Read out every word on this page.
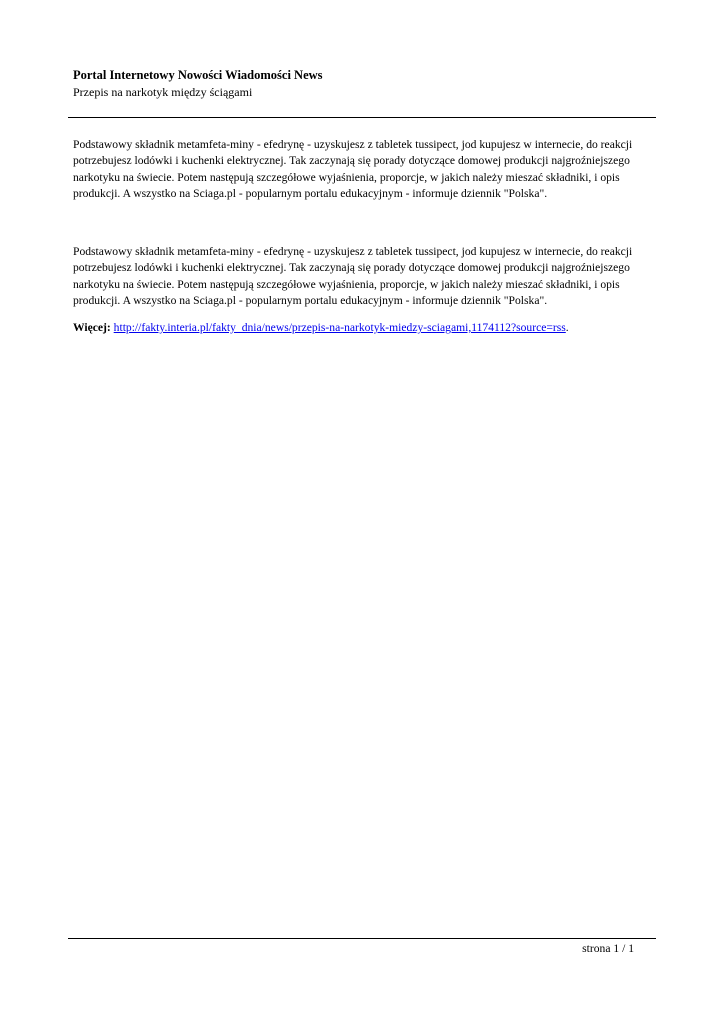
Portal Internetowy Nowości Wiadomości News

Przepis na narkotyk między ściągami

Podstawowy składnik metamfeta-miny - efedrynę - uzyskujesz z tabletek tussipect, jod kupujesz w internecie, do reakcji potrzebujesz lodówki i kuchenki elektrycznej. Tak zaczynają się porady dotyczące domowej produkcji najgroźniejszego narkotyku na świecie. Potem następują szczegółowe wyjaśnienia, proporcje, w jakich należy mieszać składniki, i opis produkcji. A wszystko na Sciaga.pl - popularnym portalu edukacyjnym - informuje dziennik "Polska".

Podstawowy składnik metamfeta-miny - efedrynę - uzyskujesz z tabletek tussipect, jod kupujesz w internecie, do reakcji potrzebujesz lodówki i kuchenki elektrycznej. Tak zaczynają się porady dotyczące domowej produkcji najgroźniejszego narkotyku na świecie. Potem następują szczegółowe wyjaśnienia, proporcje, w jakich należy mieszać składniki, i opis produkcji. A wszystko na Sciaga.pl - popularnym portalu edukacyjnym - informuje dziennik "Polska".

Więcej: http://fakty.interia.pl/fakty_dnia/news/przepis-na-narkotyk-miedzy-sciagami,1174112?source=rss.
strona 1 / 1
